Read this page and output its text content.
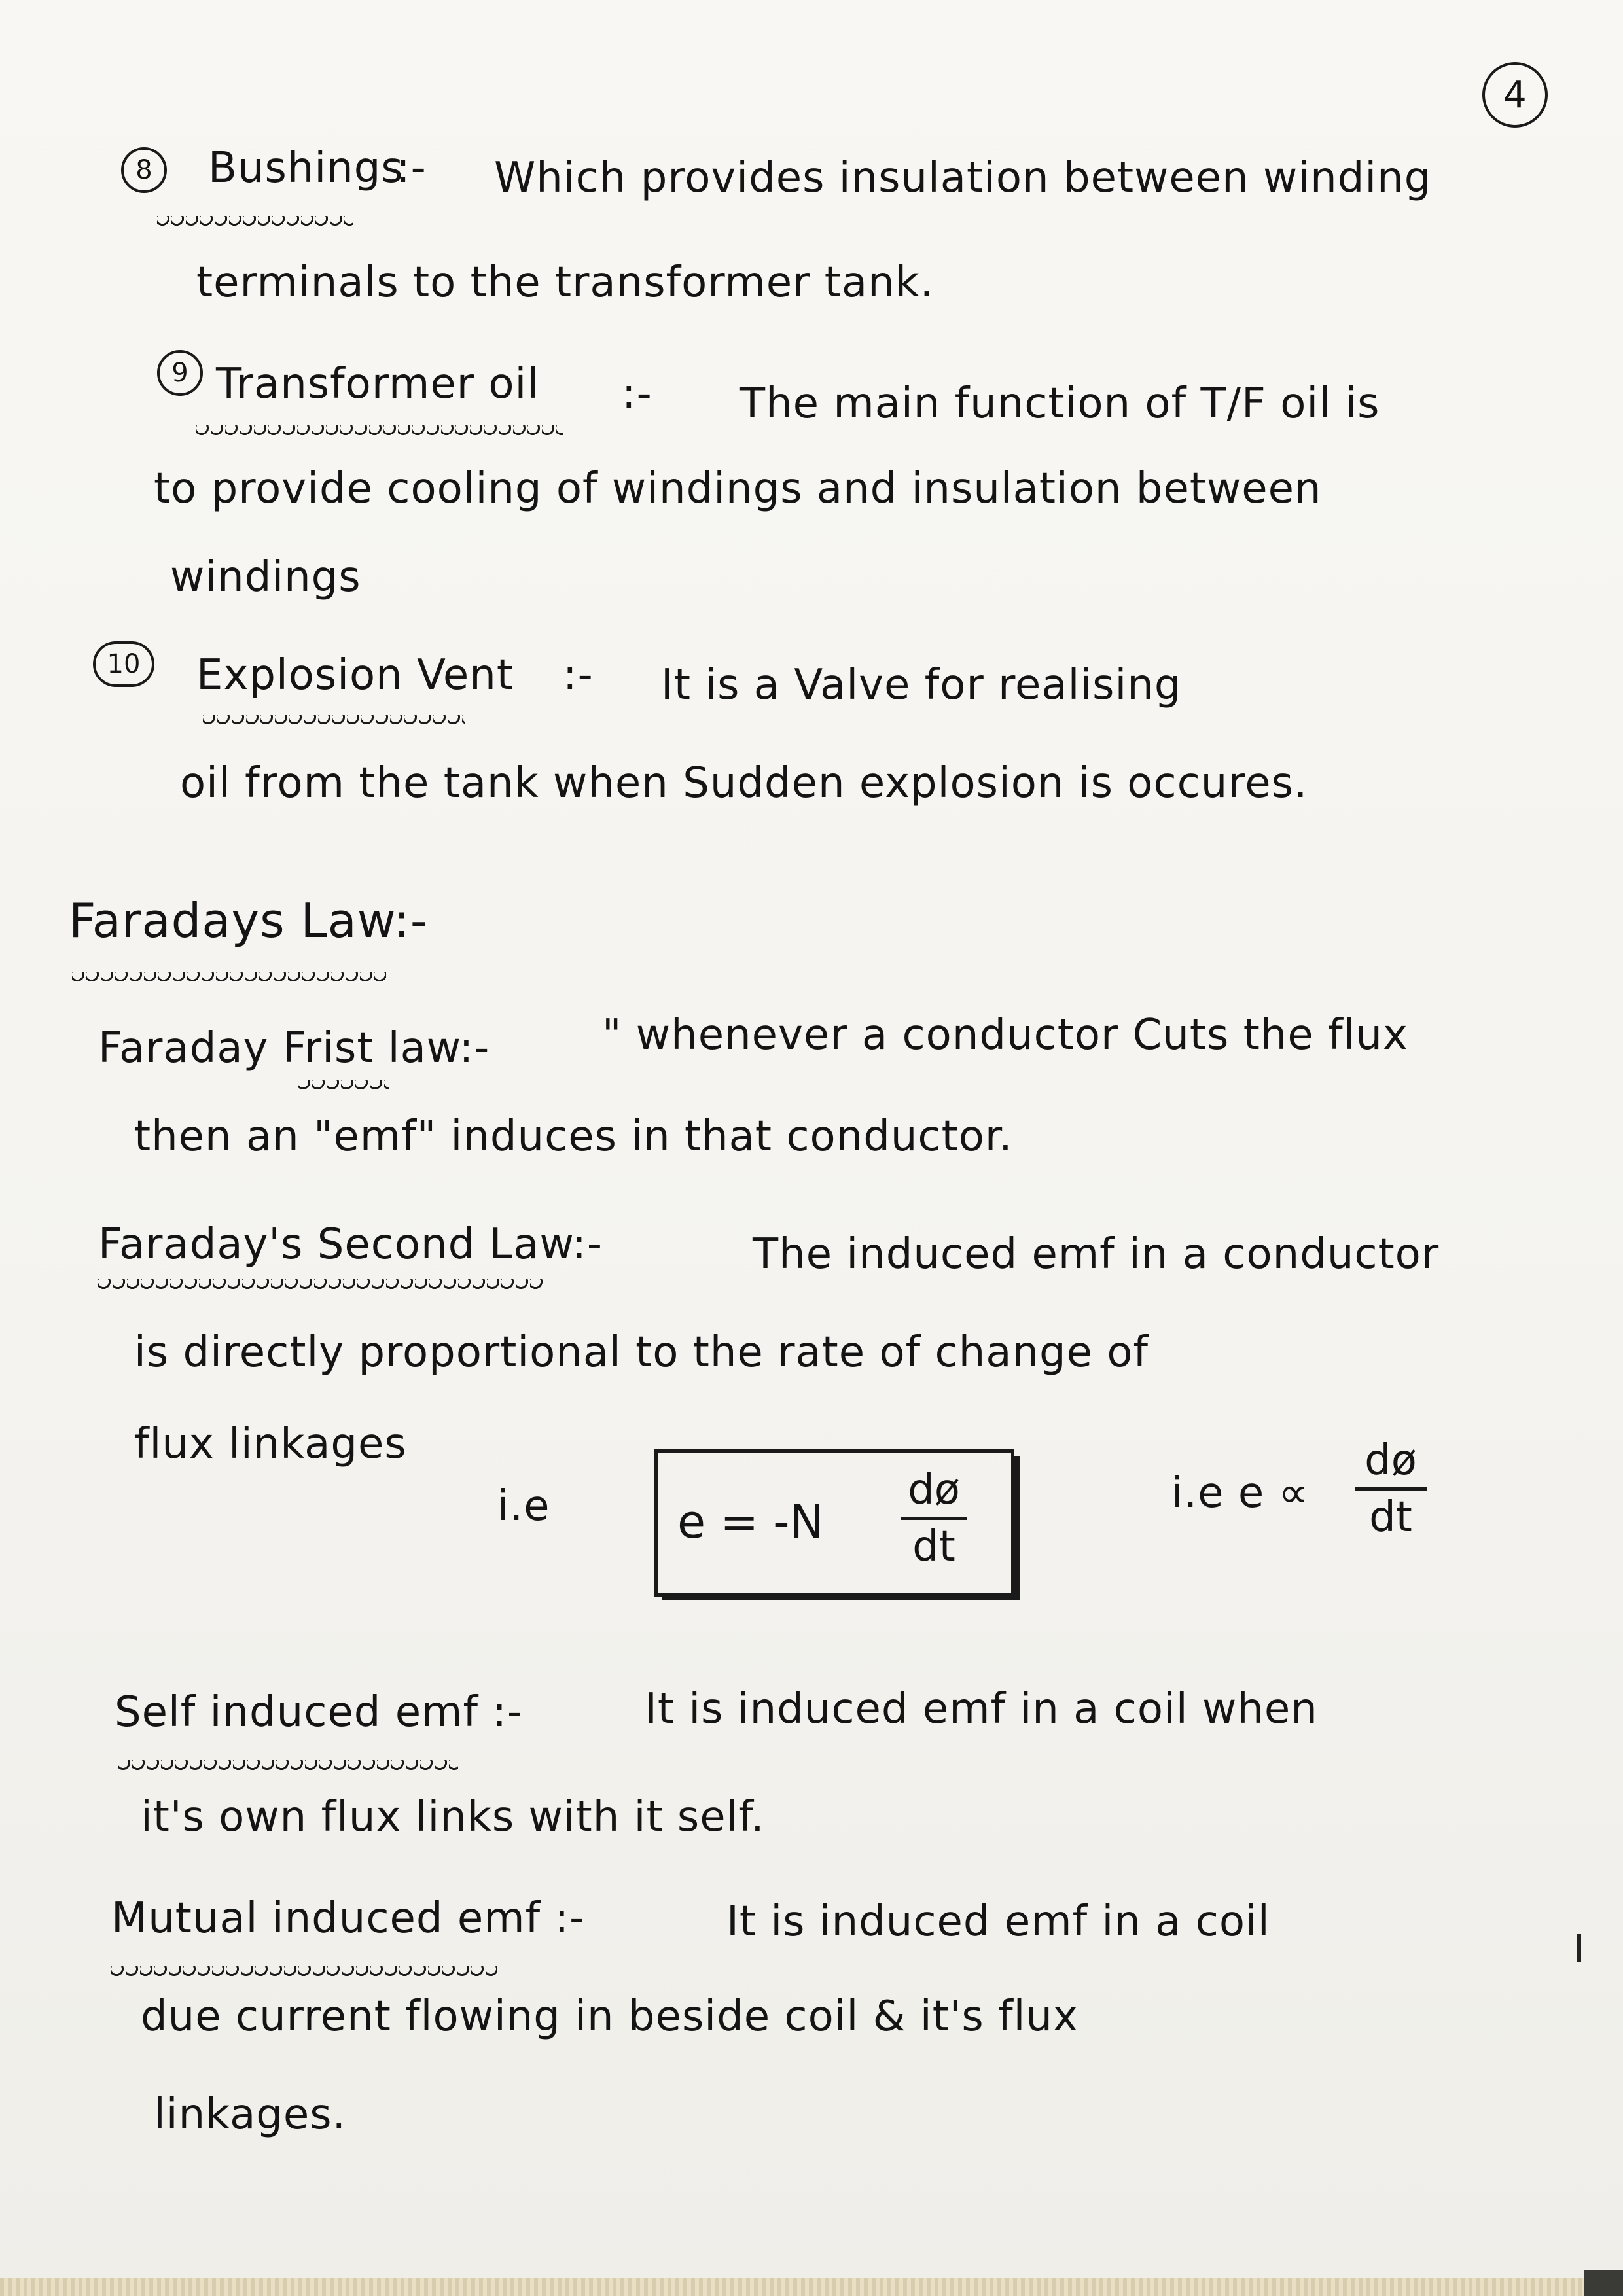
4
8	Bushings
:- Which provides insulation between winding
terminals to the transformer tank.
9 Transformer oil :- The main function of T/F oil is
to provide cooling of windings and insulation between
windings
10	Explosion Vent :- It is a Valve for realising
oil from the tank when Sudden explosion is occures.
Faradays Law:-
Faraday Frist law:-	" whenever a conductor Cuts the flux
then an "emf" induces in that conductor.
Faraday's Second Law:-	The induced emf in a conductor
is directly proportional to the rate of change of
flux linkages
i.e	e = -N
dø
dt
i.e e ∝
dø
dt
Self induced emf :-	It is induced emf in a coil when
it's own flux links with it self.
Mutual induced emf :-	It is induced emf in a coil
due current flowing in beside coil & it's flux
linkages.
